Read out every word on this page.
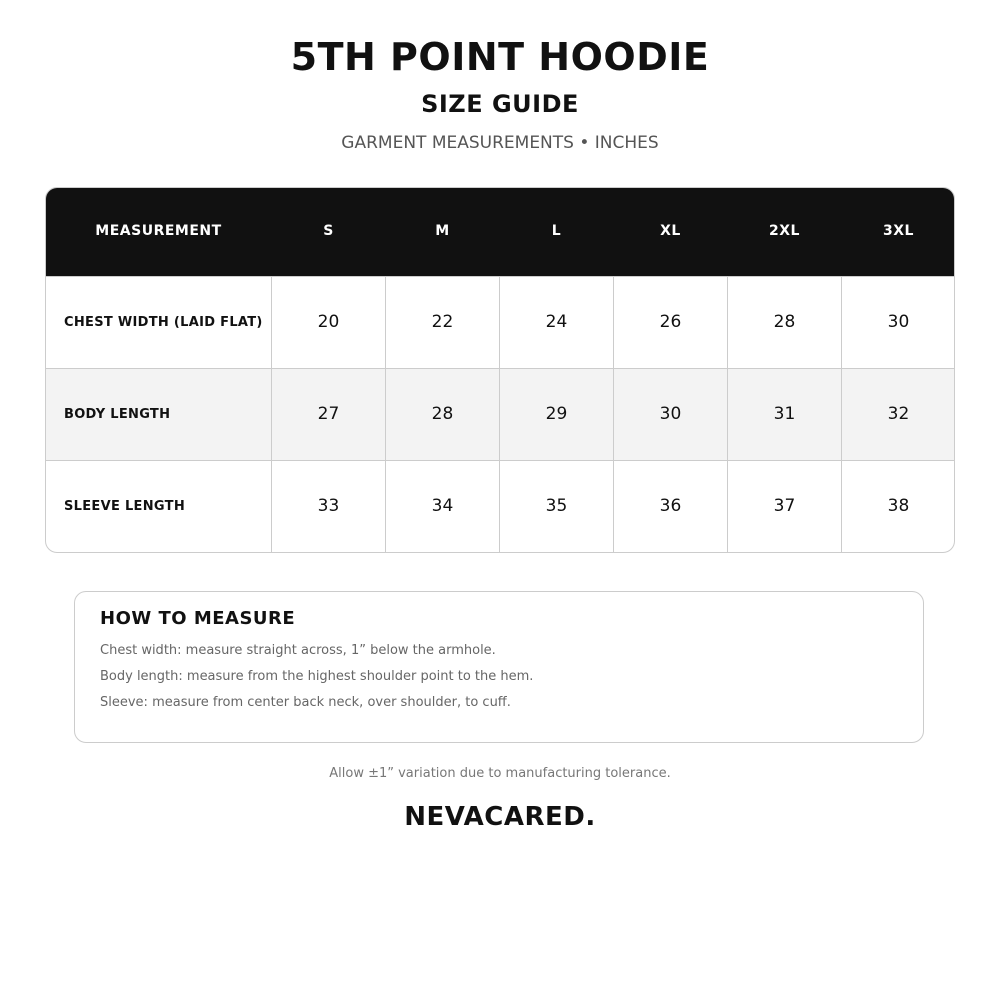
5TH POINT HOODIE
SIZE GUIDE
GARMENT MEASUREMENTS • INCHES
MEASUREMENT	S	M	L	XL	2XL	3XL
CHEST WIDTH (LAID FLAT)	20	22	24	26	28	30
BODY LENGTH	27	28	29	30	31	32
SLEEVE LENGTH	33	34	35	36	37	38
HOW TO MEASURE
Chest width: measure straight across, 1” below the armhole.
Body length: measure from the highest shoulder point to the hem.
Sleeve: measure from center back neck, over shoulder, to cuff.
Allow ±1” variation due to manufacturing tolerance.
NEVACARED.
